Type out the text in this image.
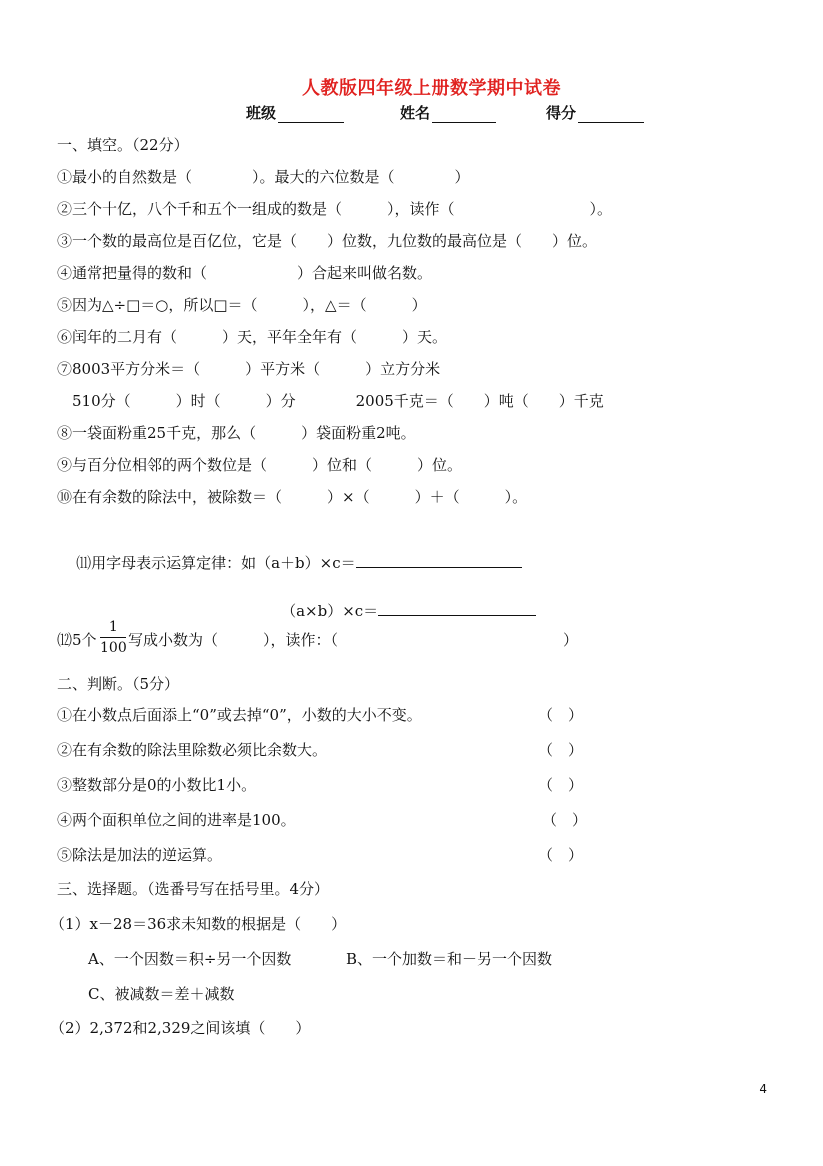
人教版四年级上册数学期中试卷
班级	姓名	得分
一、填空。（22分）
①最小的自然数是（　　　　）。最大的六位数是（　　　　）
②三个十亿，八个千和五个一组成的数是（　　　），读作（　　　　　　　　　）。
③一个数的最高位是百亿位，它是（　　）位数，九位数的最高位是（　　）位。
④通常把量得的数和（　　　　　　）合起来叫做名数。
⑤因为△÷□＝○，所以□＝（　　　），△＝（　　　）
⑥闰年的二月有（　　　）天，平年全年有（　　　）天。
⑦8003平方分米＝（　　　）平方米（　　　）立方分米
510分（　　　）时（　　　）分　　　　2005千克＝（　　）吨（　　）千克
⑧一袋面粉重25千克，那么（　　　）袋面粉重2吨。
⑨与百分位相邻的两个数位是（　　　）位和（　　　）位。
⑩在有余数的除法中，被除数＝（　　　）×（　　　）＋（　　　）。

⑾用字母表示运算定律：如（a＋b）×c＝

（a×b）×c＝

⑿5个
1
100 写成小数为（　　　），读作：（　　　　　　　　　　　　　　　）
二、判断。（5分）
①在小数点后面添上“0”或去掉“0”，小数的大小不变。	（　）
②在有余数的除法里除数必须比余数大。	（　）
③整数部分是0的小数比1小。	（　）
④两个面积单位之间的进率是100。	（　）
⑤除法是加法的逆运算。	（　）
三、选择题。（选番号写在括号里。4分）
（1）x－28＝36求未知数的根据是（　　）
A、一个因数＝积÷另一个因数	B、一个加数＝和－另一个因数
C、被减数＝差＋减数
（2）2,372和2,329之间该填（　　）
4
